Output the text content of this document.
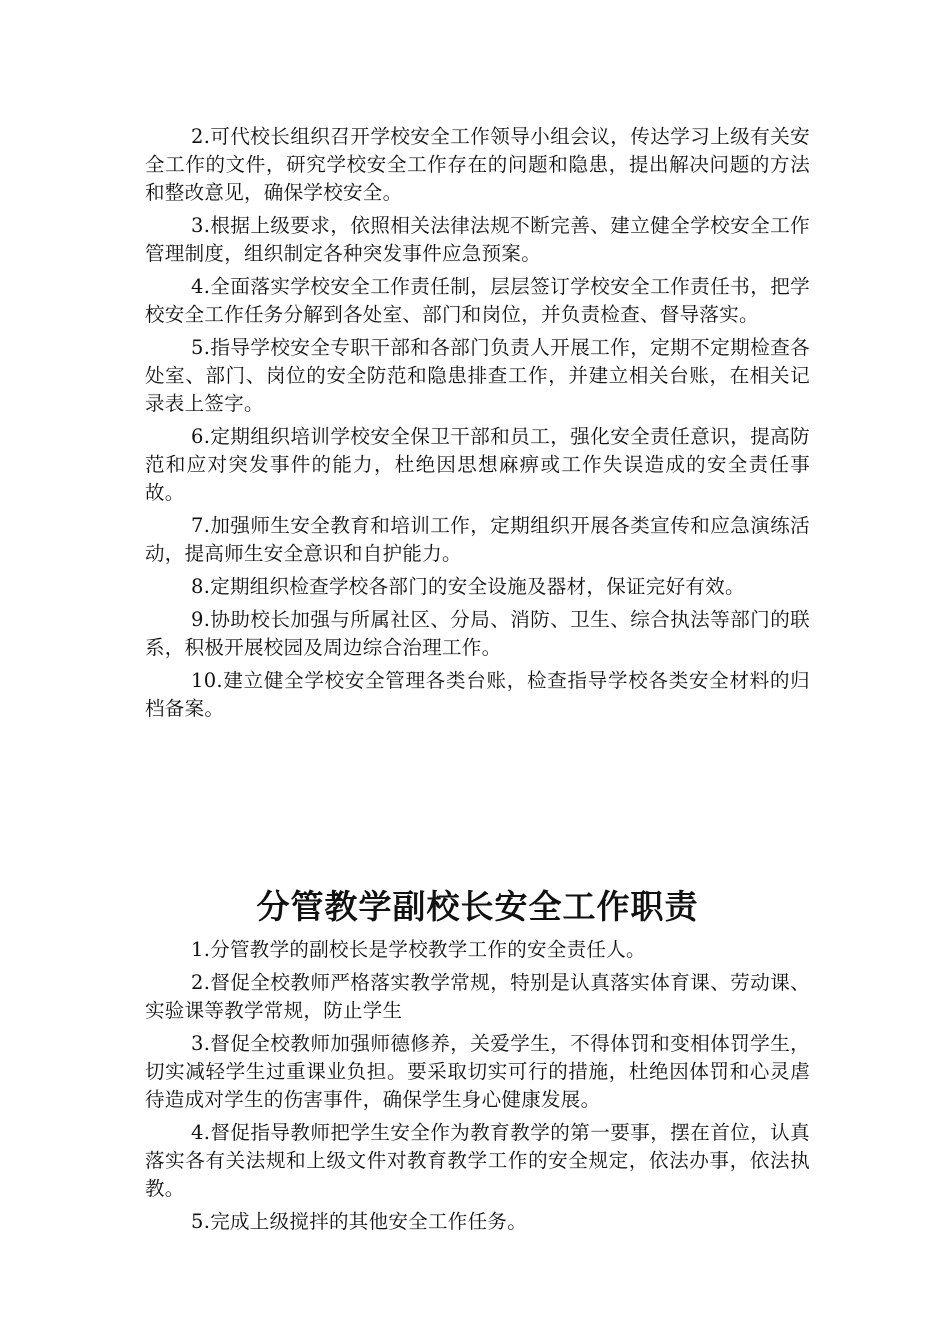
2.可代校长组织召开学校安全工作领导小组会议，传达学习上级有关安全工作的文件，研究学校安全工作存在的问题和隐患，提出解决问题的方法和整改意见，确保学校安全。

3.根据上级要求，依照相关法律法规不断完善、建立健全学校安全工作管理制度，组织制定各种突发事件应急预案。

4.全面落实学校安全工作责任制，层层签订学校安全工作责任书，把学校安全工作任务分解到各处室、部门和岗位，并负责检查、督导落实。

5.指导学校安全专职干部和各部门负责人开展工作，定期不定期检查各处室、部门、岗位的安全防范和隐患排查工作，并建立相关台账，在相关记录表上签字。

6.定期组织培训学校安全保卫干部和员工，强化安全责任意识，提高防范和应对突发事件的能力，杜绝因思想麻痹或工作失误造成的安全责任事故。

7.加强师生安全教育和培训工作，定期组织开展各类宣传和应急演练活动，提高师生安全意识和自护能力。

8.定期组织检查学校各部门的安全设施及器材，保证完好有效。

9.协助校长加强与所属社区、分局、消防、卫生、综合执法等部门的联系，积极开展校园及周边综合治理工作。

10.建立健全学校安全管理各类台账，检查指导学校各类安全材料的归档备案。

分管教学副校长安全工作职责

1.分管教学的副校长是学校教学工作的安全责任人。

2.督促全校教师严格落实教学常规，特别是认真落实体育课、劳动课、实验课等教学常规，防止学生

3.督促全校教师加强师德修养，关爱学生，不得体罚和变相体罚学生，切实减轻学生过重课业负担。要采取切实可行的措施，杜绝因体罚和心灵虐待造成对学生的伤害事件，确保学生身心健康发展。

4.督促指导教师把学生安全作为教育教学的第一要事，摆在首位，认真落实各有关法规和上级文件对教育教学工作的安全规定，依法办事，依法执教。

5.完成上级搅拌的其他安全工作任务。
